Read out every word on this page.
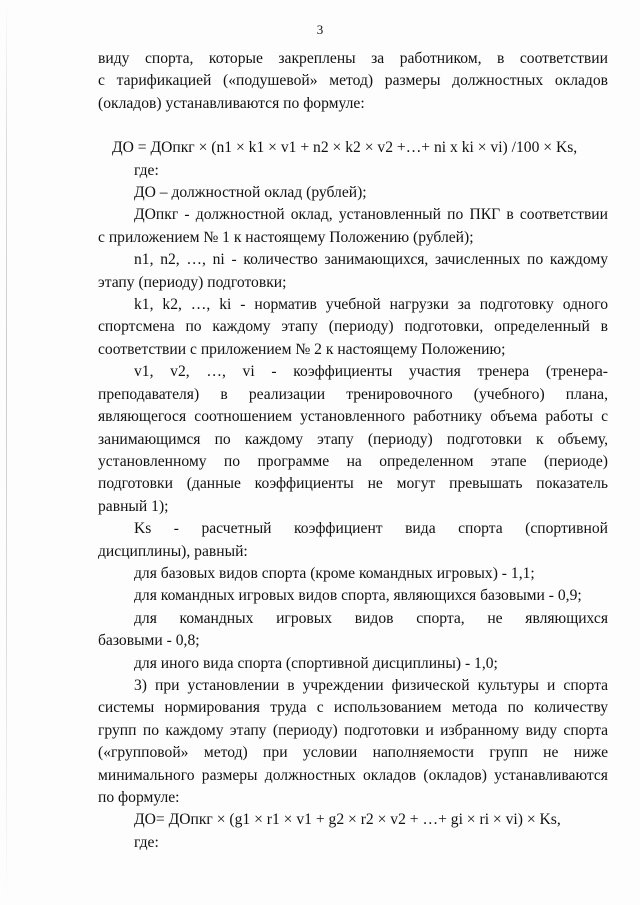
3

виду спорта, которые закреплены за работником, в соответствии

с тарификацией («подушевой» метод) размеры должностных окладов

(окладов) устанавливаются по формуле:

ДО = ДОпкг × (n1 × k1 × v1 + n2 × k2 × v2 +…+ ni x ki × vi) /100 × Ks,

где:

ДО – должностной оклад (рублей);

ДОпкг - должностной оклад, установленный по ПКГ в соответствии

с приложением № 1 к настоящему Положению (рублей);

n1, n2, …, ni - количество занимающихся, зачисленных по каждому

этапу (периоду) подготовки;

k1, k2, …, ki - норматив учебной нагрузки за подготовку одного

спортсмена по каждому этапу (периоду) подготовки, определенный в

соответствии с приложением № 2 к настоящему Положению;

v1, v2, …, vi - коэффициенты участия тренера (тренера-

преподавателя) в реализации тренировочного (учебного) плана,

являющегося соотношением установленного работнику объема работы с

занимающимся по каждому этапу (периоду) подготовки к объему,

установленному по программе на определенном этапе (периоде)

подготовки (данные коэффициенты не могут превышать показатель

равный 1);

Ks - расчетный коэффициент вида спорта (спортивной

дисциплины), равный:

для базовых видов спорта (кроме командных игровых) - 1,1;

для командных игровых видов спорта, являющихся базовыми - 0,9;

для командных игровых видов спорта, не являющихся

базовыми - 0,8;

для иного вида спорта (спортивной дисциплины) - 1,0;

3) при установлении в учреждении физической культуры и спорта

системы нормирования труда с использованием метода по количеству

групп по каждому этапу (периоду) подготовки и избранному виду спорта

(«групповой» метод) при условии наполняемости групп не ниже

минимального размеры должностных окладов (окладов) устанавливаются

по формуле:

ДО= ДОпкг × (g1 × r1 × v1 + g2 × r2 × v2 + …+ gi × ri × vi) × Ks,

где:
